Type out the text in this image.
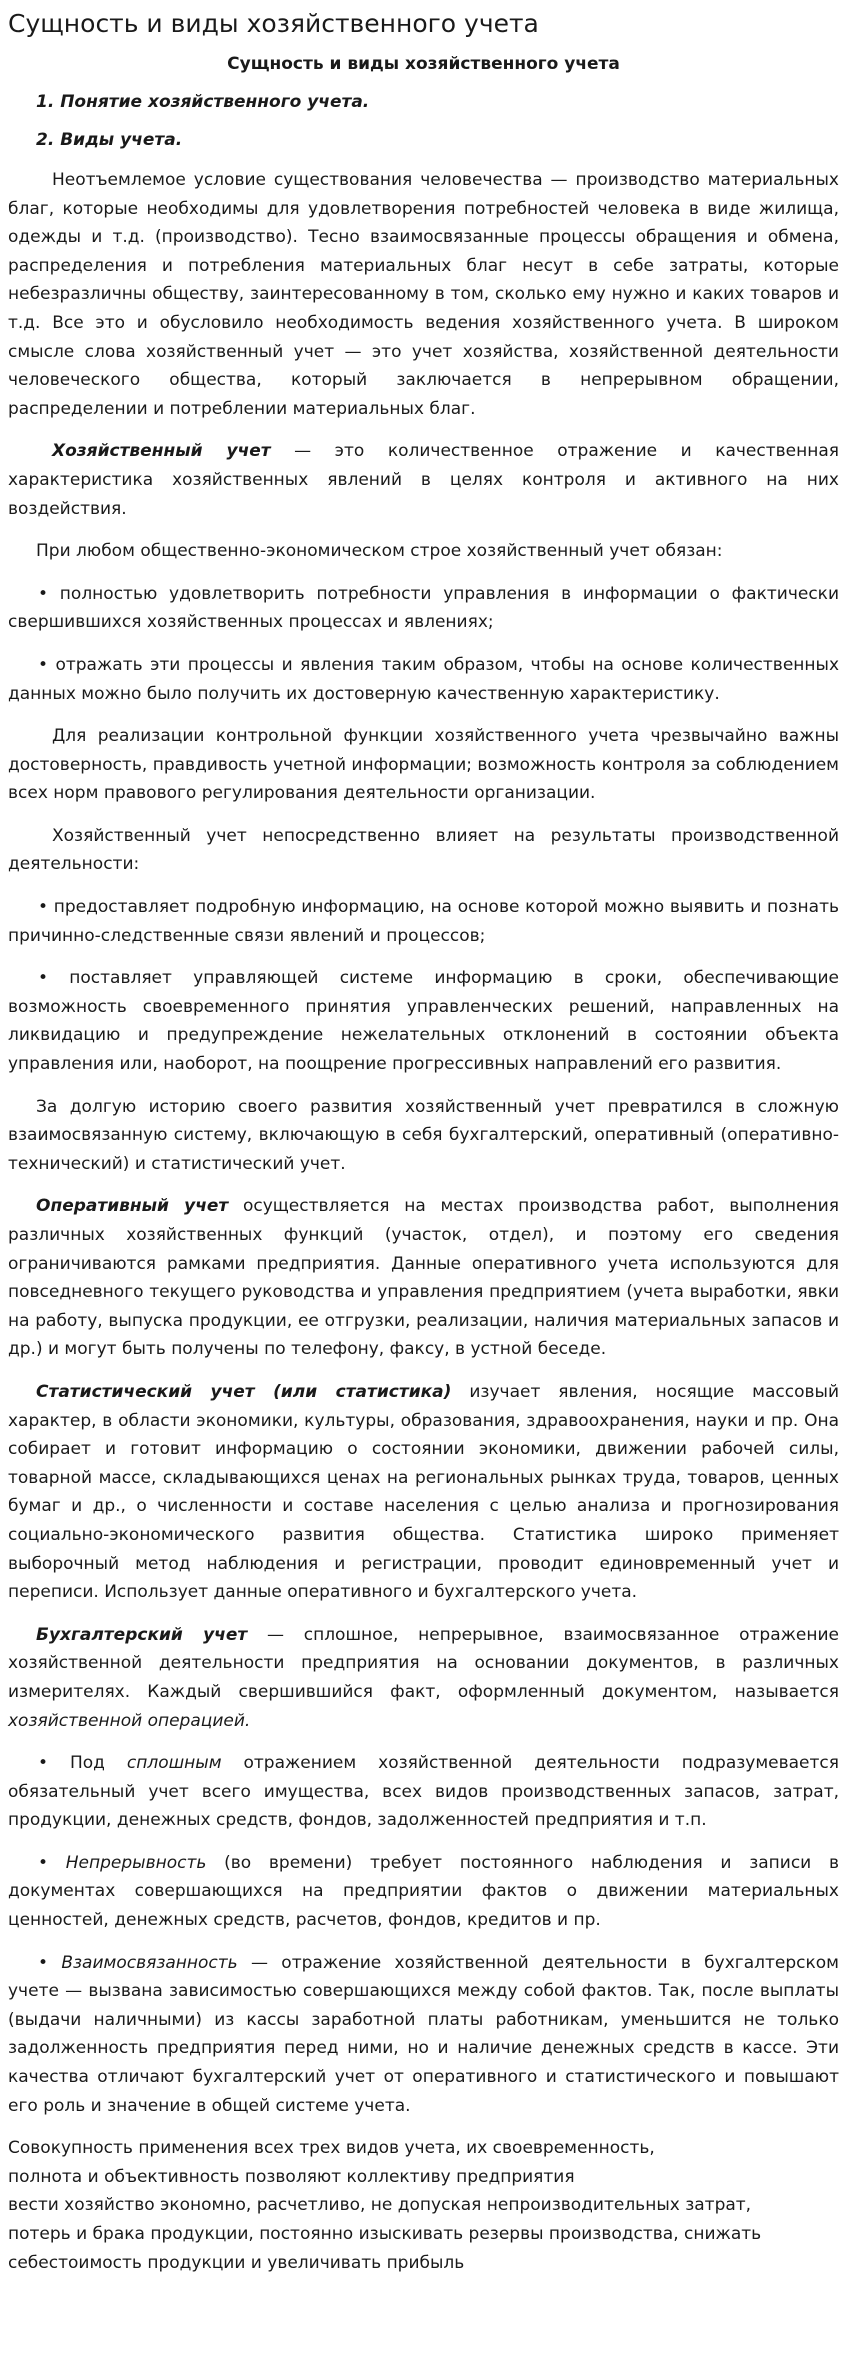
Сущность и виды хозяйственного учета
Сущность и виды хозяйственного учета
1. Понятие хозяйственного учета.
2. Виды учета.

Неотъемлемое условие существования человечества — производство материальных благ, которые необходимы для удовлетворения потребностей человека в виде жилища, одежды и т.д. (производство). Тесно взаимосвязанные процессы обращения и обмена, распределения и потребления материальных благ несут в себе затраты, которые небезразличны обществу, заинтересованному в том, сколько ему нужно и каких товаров и т.д. Все это и обусловило необходимость ведения хозяйственного учета. В широком смысле слова хозяйственный учет — это учет хозяйства, хозяйственной деятельности человеческого общества, который заключается в непрерывном обращении, распределении и потреблении материальных благ.

Хозяйственный учет — это количественное отражение и качественная характеристика хозяйственных явлений в целях контроля и активного на них воздействия.

При любом общественно-экономическом строе хозяйственный учет обязан:

• полностью удовлетворить потребности управления в информации о фактически свершившихся хозяйственных процессах и явлениях;

• отражать эти процессы и явления таким образом, чтобы на основе количественных данных можно было получить их достоверную качественную характеристику.

Для реализации контрольной функции хозяйственного учета чрезвычайно важны достоверность, правдивость учетной информации; возможность контроля за соблюдением всех норм правового регулирования деятельности организации.

Хозяйственный учет непосредственно влияет на результаты производственной деятельности:

• предоставляет подробную информацию, на основе которой можно выявить и познать причинно-следственные связи явлений и процессов;

• поставляет управляющей системе информацию в сроки, обеспечивающие возможность своевременного принятия управленческих решений, направленных на ликвидацию и предупреждение нежелательных отклонений в состоянии объекта управления или, наоборот, на поощрение прогрессивных направлений его развития.

За долгую историю своего развития хозяйственный учет превратился в сложную взаимосвязанную систему, включающую в себя бухгалтерский, оперативный (оперативно-технический) и статистический учет.

Оперативный учет осуществляется на местах производства работ, выполнения различных хозяйственных функций (участок, отдел), и поэтому его сведения ограничиваются рамками предприятия. Данные оперативного учета используются для повседневного текущего руководства и управления предприятием (учета выработки, явки на работу, выпуска продукции, ее отгрузки, реализации, наличия материальных запасов и др.) и могут быть получены по телефону, факсу, в устной беседе.

Статистический учет (или статистика) изучает явления, носящие массовый характер, в области экономики, культуры, образования, здравоохранения, науки и пр. Она собирает и готовит информацию о состоянии экономики, движении рабочей силы, товарной массе, складывающихся ценах на региональных рынках труда, товаров, ценных бумаг и др., о численности и составе населения с целью анализа и прогнозирования социально-экономического развития общества. Статистика широко применяет выборочный метод наблюдения и регистрации, проводит единовременный учет и переписи. Использует данные оперативного и бухгалтерского учета.

Бухгалтерский учет — сплошное, непрерывное, взаимосвязанное отражение хозяйственной деятельности предприятия на основании документов, в различных измерителях. Каждый свершившийся факт, оформленный документом, называется хозяйственной операцией.

• Под сплошным отражением хозяйственной деятельности подразумевается обязательный учет всего имущества, всех видов производственных запасов, затрат, продукции, денежных средств, фондов, задолженностей предприятия и т.п.

• Непрерывность (во времени) требует постоянного наблюдения и записи в документах совершающихся на предприятии фактов о движении материальных ценностей, денежных средств, расчетов, фондов, кредитов и пр.

• Взаимосвязанность — отражение хозяйственной деятельности в бухгалтерском учете — вызвана зависимостью совершающихся между собой фактов. Так, после выплаты (выдачи наличными) из кассы заработной платы работникам, уменьшится не только задолженность предприятия перед ними, но и наличие денежных средств в кассе. Эти качества отличают бухгалтерский учет от оперативного и статистического и повышают его роль и значение в общей системе учета.

Совокупность применения всех трех видов учета, их своевременность,
полнота и объективность позволяют коллективу предприятия
вести хозяйство экономно, расчетливо, не допуская непроизводительных затрат,
потерь и брака продукции, постоянно изыскивать резервы производства, снижать
себестоимость продукции и увеличивать прибыль
